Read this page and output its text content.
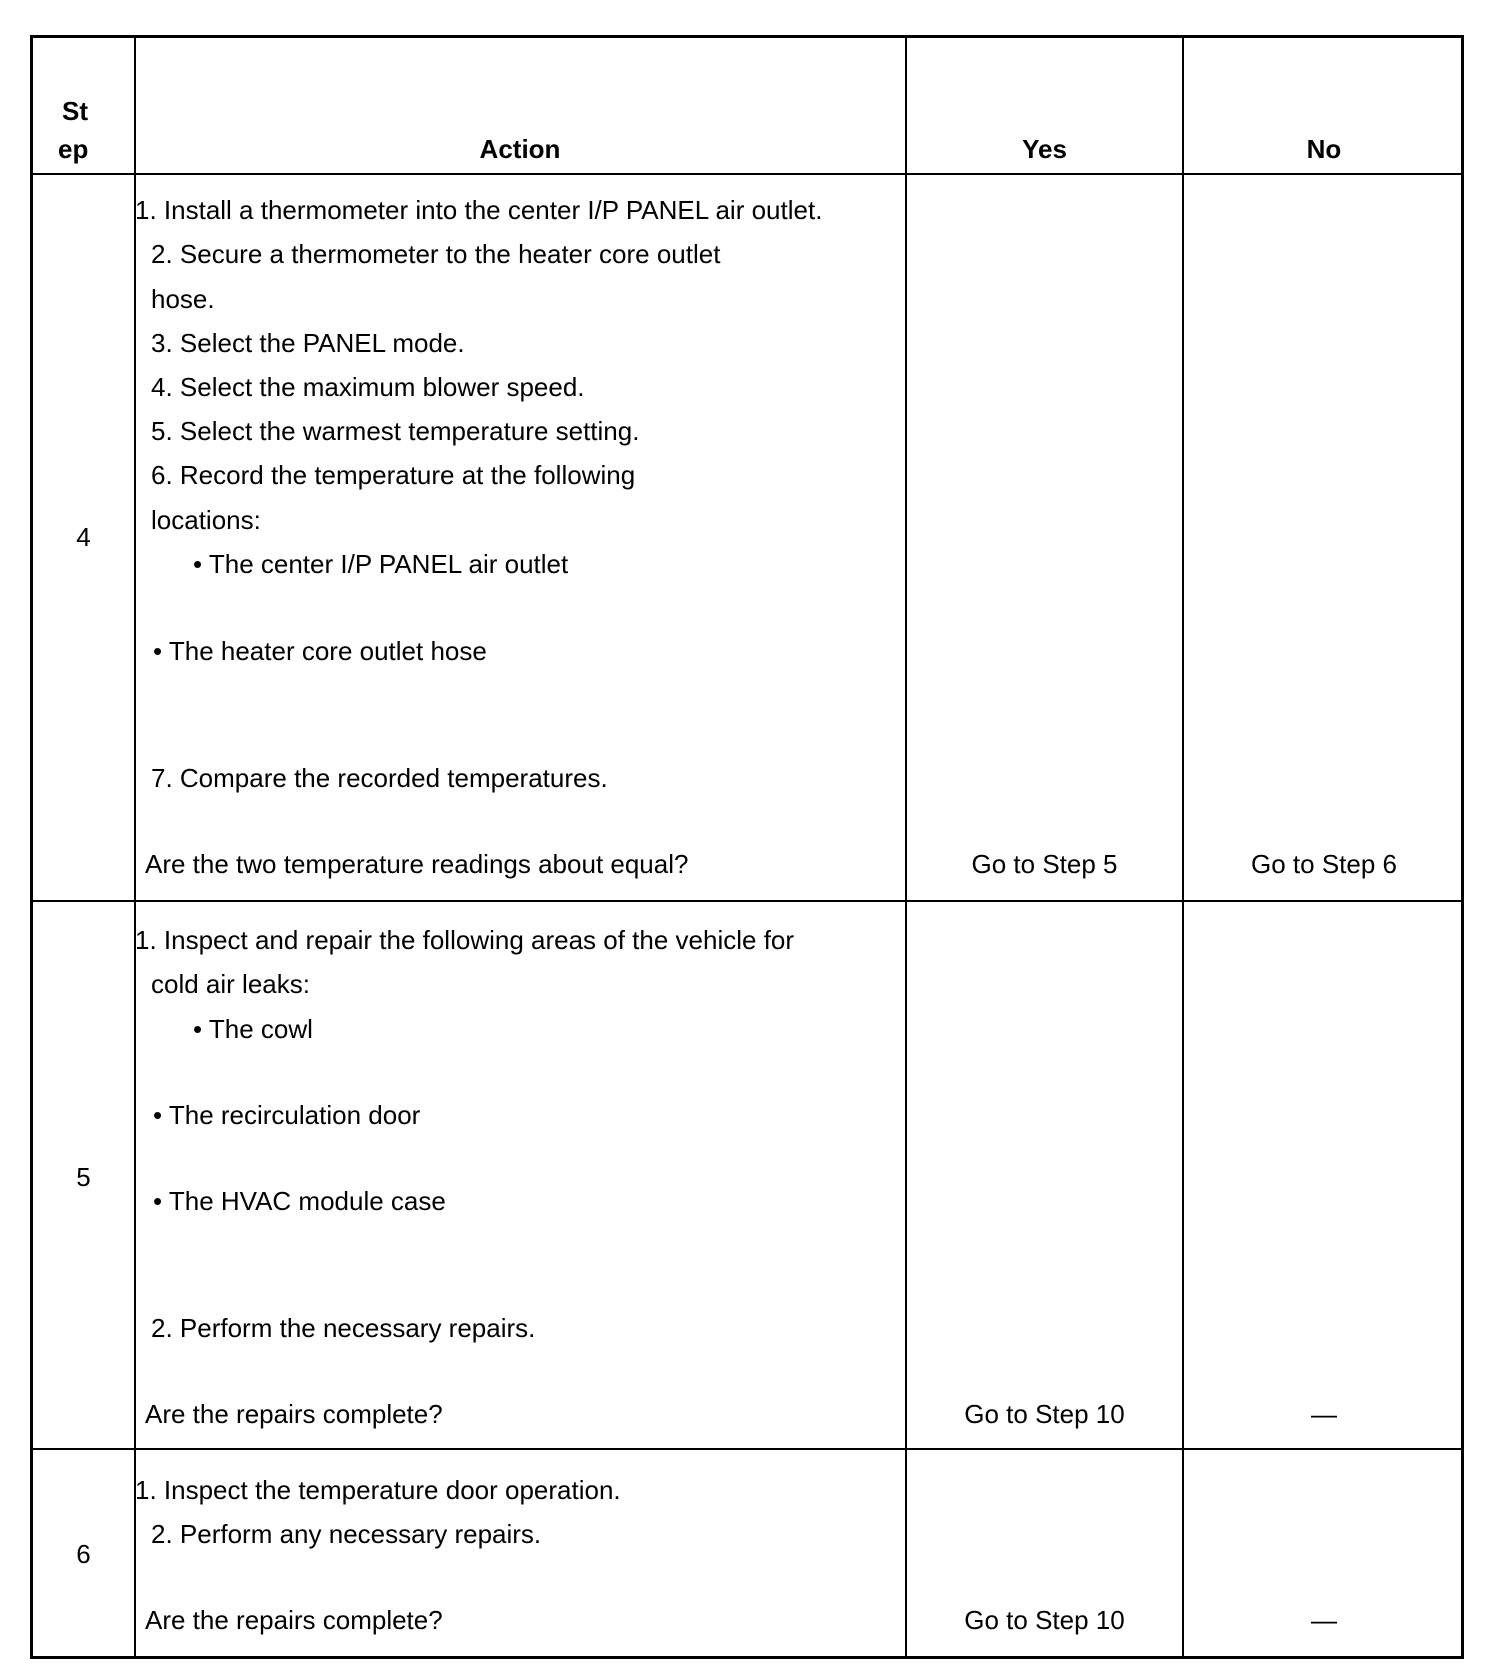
St
ep	Action	Yes	No
4
1. Install a thermometer into the center I/P PANEL air outlet.
2. Secure a thermometer to the heater core outlet
hose.
3. Select the PANEL mode.
4. Select the maximum blower speed.
5. Select the warmest temperature setting.
6. Record the temperature at the following
locations:
• The center I/P PANEL air outlet
• The heater core outlet hose
7. Compare the recorded temperatures.
Are the two temperature readings about equal?	Go to Step 5	Go to Step 6
5
1. Inspect and repair the following areas of the vehicle for
cold air leaks:
• The cowl
• The recirculation door
• The HVAC module case
2. Perform the necessary repairs.
Are the repairs complete?	Go to Step 10	—
6
1. Inspect the temperature door operation.
2. Perform any necessary repairs.
Are the repairs complete?	Go to Step 10	—
